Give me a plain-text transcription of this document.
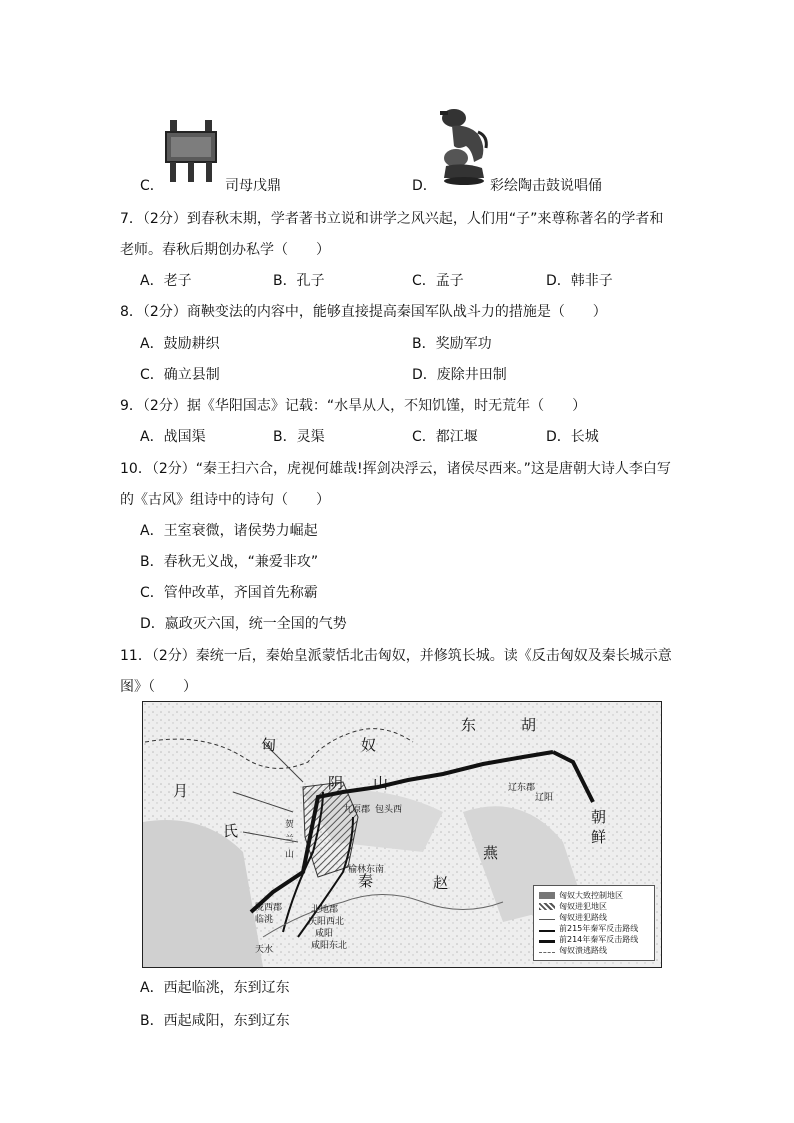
C．	司母戊鼎	D．	彩绘陶击鼓说唱俑
7．（2分）到春秋末期，学者著书立说和讲学之风兴起，人们用“子”来尊称著名的学者和
老师。春秋后期创办私学（　　）
A．老子	B．孔子	C．孟子	D．韩非子
8．（2分）商鞅变法的内容中，能够直接提高秦国军队战斗力的措施是（　　）
A．鼓励耕织	B．奖励军功
C．确立县制	D．废除井田制
9．（2分）据《华阳国志》记载：“水旱从人，不知饥馑，时无荒年（　　）
A．战国渠	B．灵渠	C．都江堰	D．长城
10．（2分）“秦王扫六合，虎视何雄哉!挥剑决浮云，诸侯尽西来。”这是唐朝大诗人李白写
的《古风》组诗中的诗句（　　）
A．王室衰微，诸侯势力崛起
B．春秋无义战，“兼爱非攻”
C．管仲改革，齐国首先称霸
D．嬴政灭六国，统一全国的气势
11．（2分）秦统一后，秦始皇派蒙恬北击匈奴，并修筑长城。读《反击匈奴及秦长城示意
图》（　　）
匈	奴
东	胡
月
氏
阴 山
贺
兰
山
辽东郡
辽阳
朝
鲜
九原郡 包头西
榆林东南
陇西郡
临洮
北地郡
庆阳西北
咸阳
咸阳东北
天水
秦	赵
燕
匈奴大致控制地区
匈奴进犯地区
匈奴进犯路线
前215年秦军反击路线
前214年秦军反击路线
匈奴溃逃路线
A．西起临洮，东到辽东
B．西起咸阳，东到辽东
